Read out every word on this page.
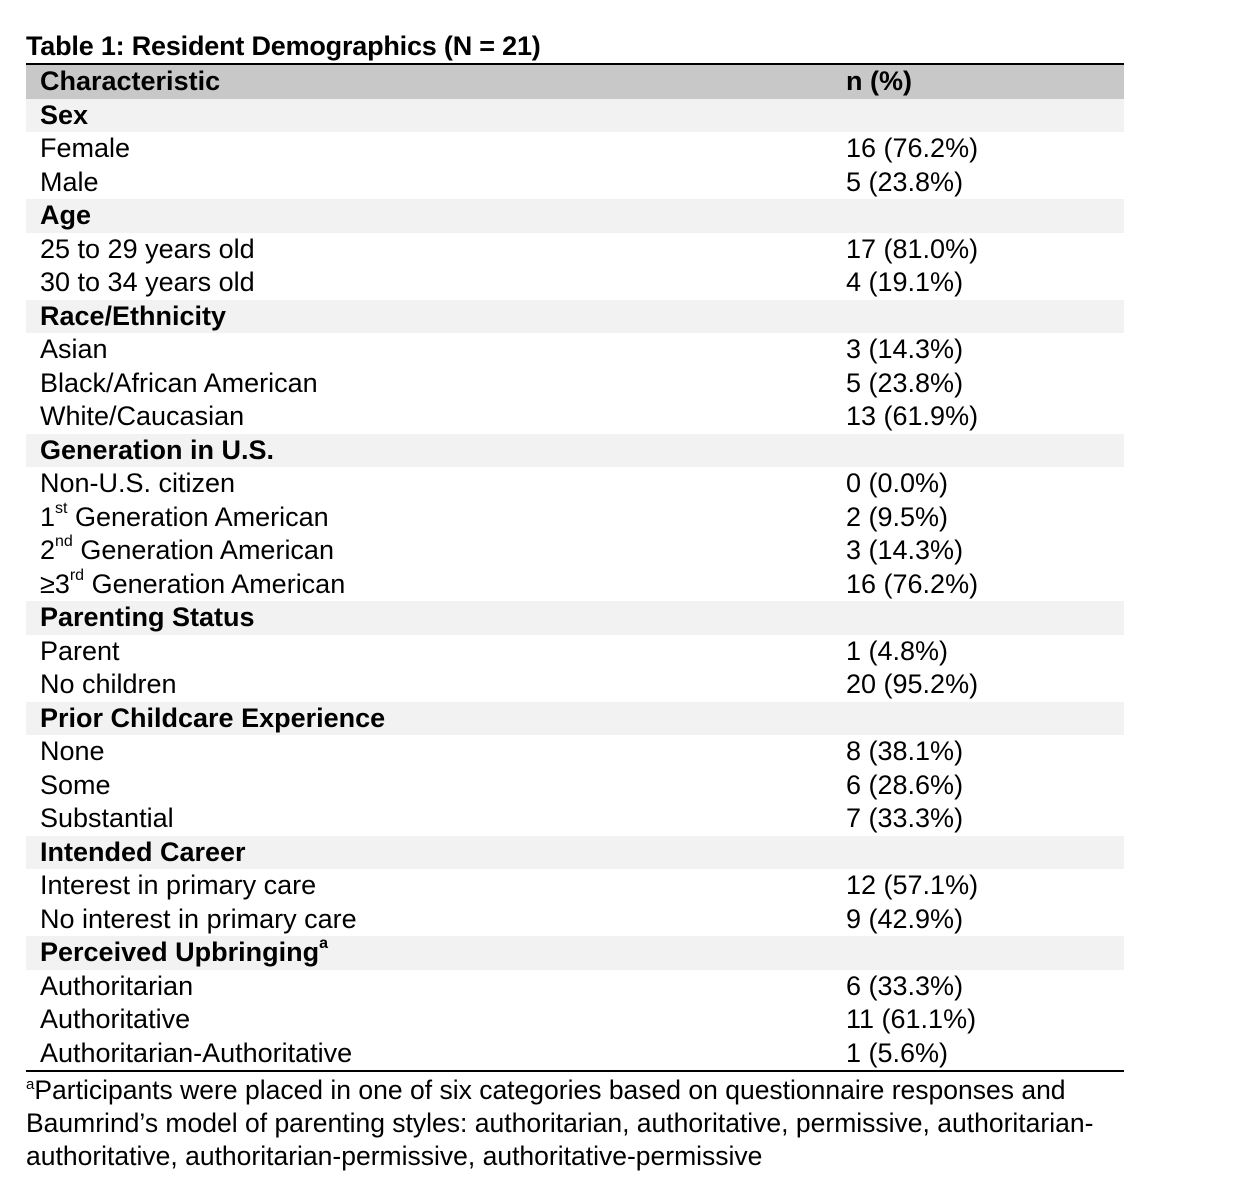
Table 1: Resident Demographics (N = 21)
Characteristic	n (%)
Sex
Female	16 (76.2%)
Male	5 (23.8%)
Age
25 to 29 years old	17 (81.0%)
30 to 34 years old	4 (19.1%)
Race/Ethnicity
Asian	3 (14.3%)
Black/African American	5 (23.8%)
White/Caucasian	13 (61.9%)
Generation in U.S.
Non-U.S. citizen	0 (0.0%)
1st Generation American	2 (9.5%)
2nd Generation American	3 (14.3%)
≥3rd Generation American	16 (76.2%)
Parenting Status
Parent	1 (4.8%)
No children	20 (95.2%)
Prior Childcare Experience
None	8 (38.1%)
Some	6 (28.6%)
Substantial	7 (33.3%)
Intended Career
Interest in primary care	12 (57.1%)
No interest in primary care	9 (42.9%)
Perceived Upbringing$^a$
Authoritarian	6 (33.3%)
Authoritative	11 (61.1%)
Authoritarian-Authoritative	1 (5.6%)
$^a$Participants were placed in one of six categories based on questionnaire responses and Baumrind’s model of parenting styles: authoritarian, authoritative, permissive, authoritarian-authoritative, authoritarian-permissive, authoritative-permissive
